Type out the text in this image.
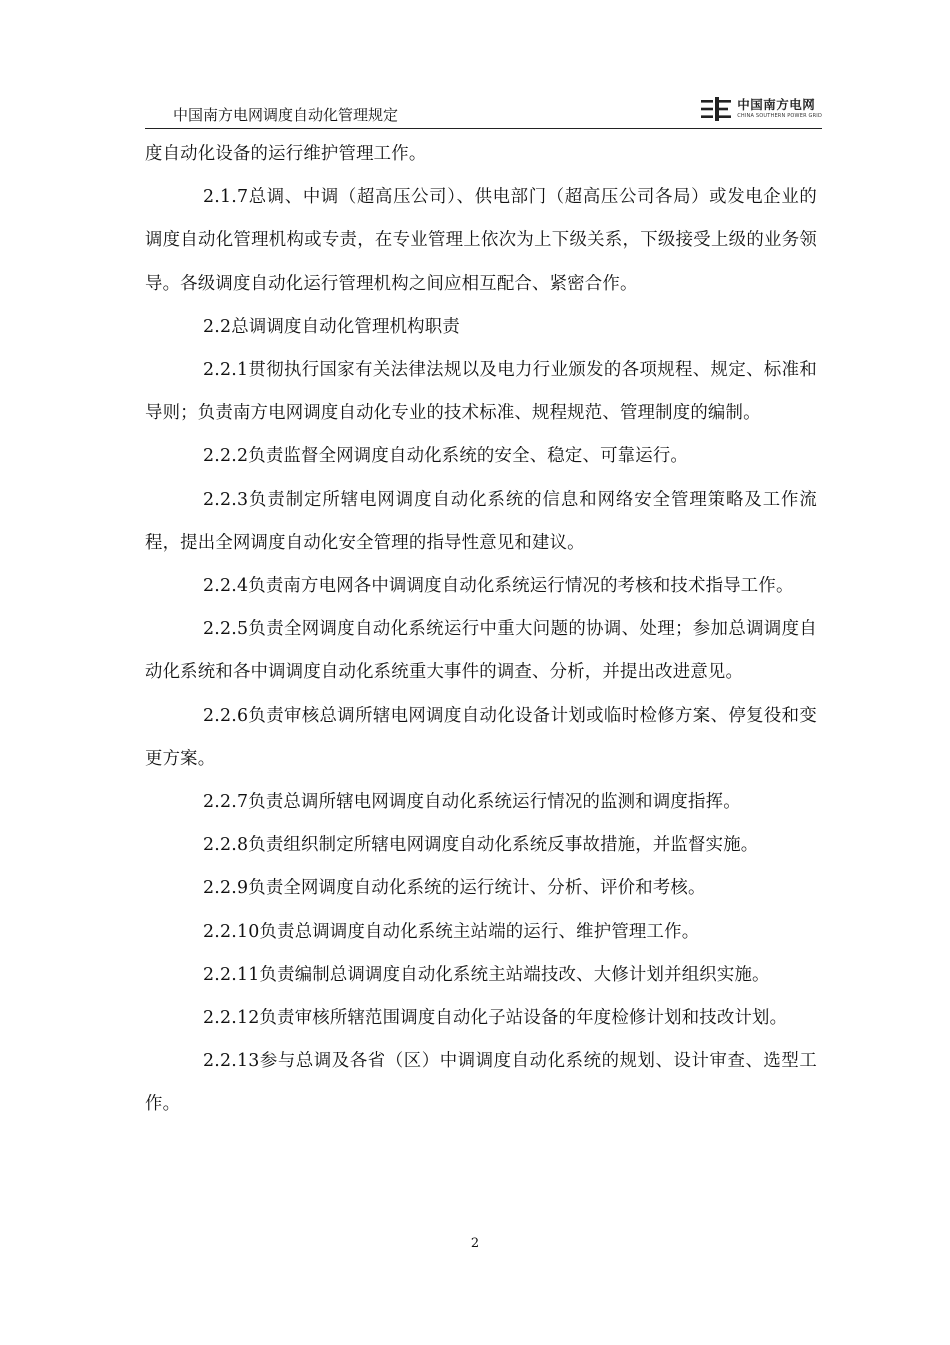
中国南方电网调度自动化管理规定
中国南方电网
CHINA SOUTHERN POWER GRID

度自动化设备的运行维护管理工作。

2.1.7总调、中调（超高压公司）、供电部门（超高压公司各局）或发电企业的调度自动化管理机构或专责，在专业管理上依次为上下级关系，下级接受上级的业务领导。各级调度自动化运行管理机构之间应相互配合、紧密合作。

2.2总调调度自动化管理机构职责

2.2.1贯彻执行国家有关法律法规以及电力行业颁发的各项规程、规定、标准和导则；负责南方电网调度自动化专业的技术标准、规程规范、管理制度的编制。

2.2.2负责监督全网调度自动化系统的安全、稳定、可靠运行。

2.2.3负责制定所辖电网调度自动化系统的信息和网络安全管理策略及工作流程，提出全网调度自动化安全管理的指导性意见和建议。

2.2.4负责南方电网各中调调度自动化系统运行情况的考核和技术指导工作。

2.2.5负责全网调度自动化系统运行中重大问题的协调、处理；参加总调调度自动化系统和各中调调度自动化系统重大事件的调查、分析，并提出改进意见。

2.2.6负责审核总调所辖电网调度自动化设备计划或临时检修方案、停复役和变更方案。

2.2.7负责总调所辖电网调度自动化系统运行情况的监测和调度指挥。

2.2.8负责组织制定所辖电网调度自动化系统反事故措施，并监督实施。

2.2.9负责全网调度自动化系统的运行统计、分析、评价和考核。

2.2.10负责总调调度自动化系统主站端的运行、维护管理工作。

2.2.11负责编制总调调度自动化系统主站端技改、大修计划并组织实施。

2.2.12负责审核所辖范围调度自动化子站设备的年度检修计划和技改计划。

2.2.13参与总调及各省（区）中调调度自动化系统的规划、设计审查、选型工作。

2
